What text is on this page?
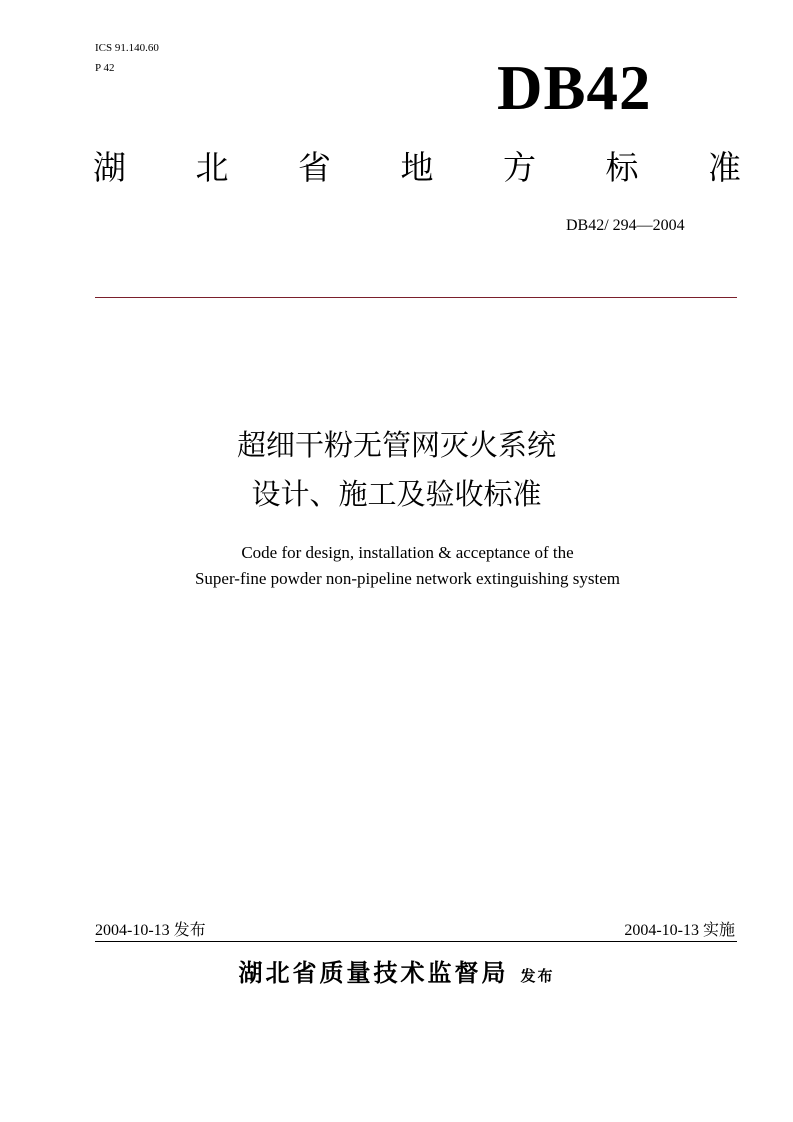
ICS 91.140.60
P 42	DB42
湖 北 省 地 方 标 准
DB42/ 294—2004
超细干粉无管网灭火系统
设计、施工及验收标准
Code for design, installation & acceptance of the
Super-fine powder non-pipeline network extinguishing system
2004-10-13 发布	2004-10-13 实施
湖北省质量技术监督局 发布
